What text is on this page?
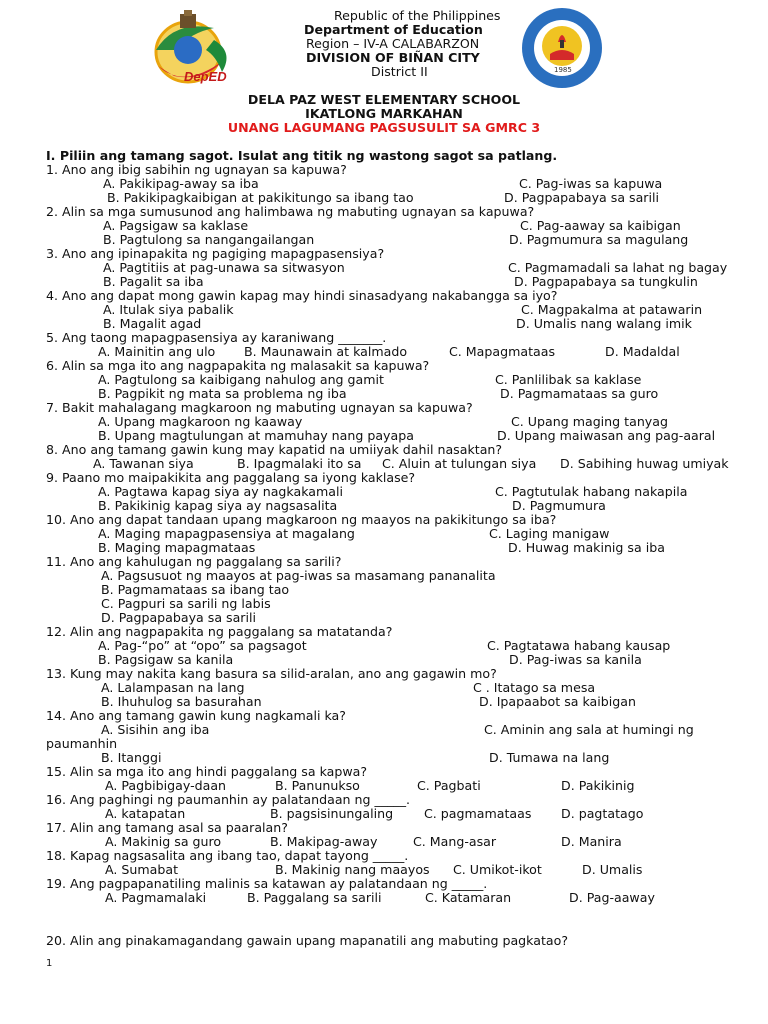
DepED	1985
Republic of the Philippines
Department of Education
Region – IV-A CALABARZON
DIVISION OF BIÑAN CITY
District II
DELA PAZ WEST ELEMENTARY SCHOOL
IKATLONG MARKAHAN
UNANG LAGUMANG PAGSUSULIT SA GMRC 3
I. Piliin ang tamang sagot. Isulat ang titik ng wastong sagot sa patlang.
1. Ano ang ibig sabihin ng ugnayan sa kapuwa?
A. Pakikipag-away sa iba	C. Pag-iwas sa kapuwa
B. Pakikipagkaibigan at pakikitungo sa ibang tao	D. Pagpapabaya sa sarili
2. Alin sa mga sumusunod ang halimbawa ng mabuting ugnayan sa kapuwa?
A. Pagsigaw sa kaklase	C. Pag-aaway sa kaibigan
B. Pagtulong sa nangangailangan	D. Pagmumura sa magulang
3. Ano ang ipinapakita ng pagiging mapagpasensiya?
A. Pagtitiis at pag-unawa sa sitwasyon	C. Pagmamadali sa lahat ng bagay
B. Pagalit sa iba	D. Pagpapabaya sa tungkulin
4. Ano ang dapat mong gawin kapag may hindi sinasadyang nakabangga sa iyo?
A. Itulak siya pabalik	C. Magpakalma at patawarin
B. Magalit agad	D. Umalis nang walang imik
5. Ang taong mapagpasensiya ay karaniwang _______.
A. Mainitin ang ulo B. Maunawain at kalmado	C. Mapagmataas	D. Madaldal
6. Alin sa mga ito ang nagpapakita ng malasakit sa kapuwa?
A. Pagtulong sa kaibigang nahulog ang gamit	C. Panlilibak sa kaklase
B. Pagpikit ng mata sa problema ng iba	D. Pagmamataas sa guro
7. Bakit mahalagang magkaroon ng mabuting ugnayan sa kapuwa?
A. Upang magkaroon ng kaaway	C. Upang maging tanyag
B. Upang magtulungan at mamuhay nang payapa	D. Upang maiwasan ang pag-aaral
8. Ano ang tamang gawin kung may kapatid na umiiyak dahil nasaktan?
A. Tawanan siya	B. Ipagmalaki ito sa C. Aluin at tulungan siya D. Sabihing huwag umiyak
9. Paano mo maipakikita ang paggalang sa iyong kaklase?
A. Pagtawa kapag siya ay nagkakamali	C. Pagtutulak habang nakapila
B. Pakikinig kapag siya ay nagsasalita	D. Pagmumura
10. Ano ang dapat tandaan upang magkaroon ng maayos na pakikitungo sa iba?
A. Maging mapagpasensiya at magalang	C. Laging manigaw
B. Maging mapagmataas	D. Huwag makinig sa iba
11. Ano ang kahulugan ng paggalang sa sarili?
A. Pagsusuot ng maayos at pag-iwas sa masamang pananalita
B. Pagmamataas sa ibang tao
C. Pagpuri sa sarili ng labis
D. Pagpapabaya sa sarili
12. Alin ang nagpapakita ng paggalang sa matatanda?
A. Pag-“po” at “opo” sa pagsagot	C. Pagtatawa habang kausap
B. Pagsigaw sa kanila	D. Pag-iwas sa kanila
13. Kung may nakita kang basura sa silid-aralan, ano ang gagawin mo?
A. Lalampasan na lang	C . Itatago sa mesa
B. Ihuhulog sa basurahan	D. Ipapaabot sa kaibigan
14. Ano ang tamang gawin kung nagkamali ka?
A. Sisihin ang iba	C. Aminin ang sala at humingi ng
paumanhin
B. Itanggi	D. Tumawa na lang
15. Alin sa mga ito ang hindi paggalang sa kapwa?
A. Pagbibigay-daan	B. Panunukso	C. Pagbati	D. Pakikinig
16. Ang paghingi ng paumanhin ay palatandaan ng _____.
A. katapatan	B. pagsisinungaling C. pagmamataas D. pagtatago
17. Alin ang tamang asal sa paaralan?
A. Makinig sa guro	B. Makipag-away	C. Mang-asar	D. Manira
18. Kapag nagsasalita ang ibang tao, dapat tayong _____.
A. Sumabat	B. Makinig nang maayos C. Umikot-ikot	D. Umalis
19. Ang pagpapanatiling malinis sa katawan ay palatandaan ng _____.
A. Pagmamalaki	B. Paggalang sa sarili	C. Katamaran	D. Pag-aaway
20. Alin ang pinakamagandang gawain upang mapanatili ang mabuting pagkatao?
1
